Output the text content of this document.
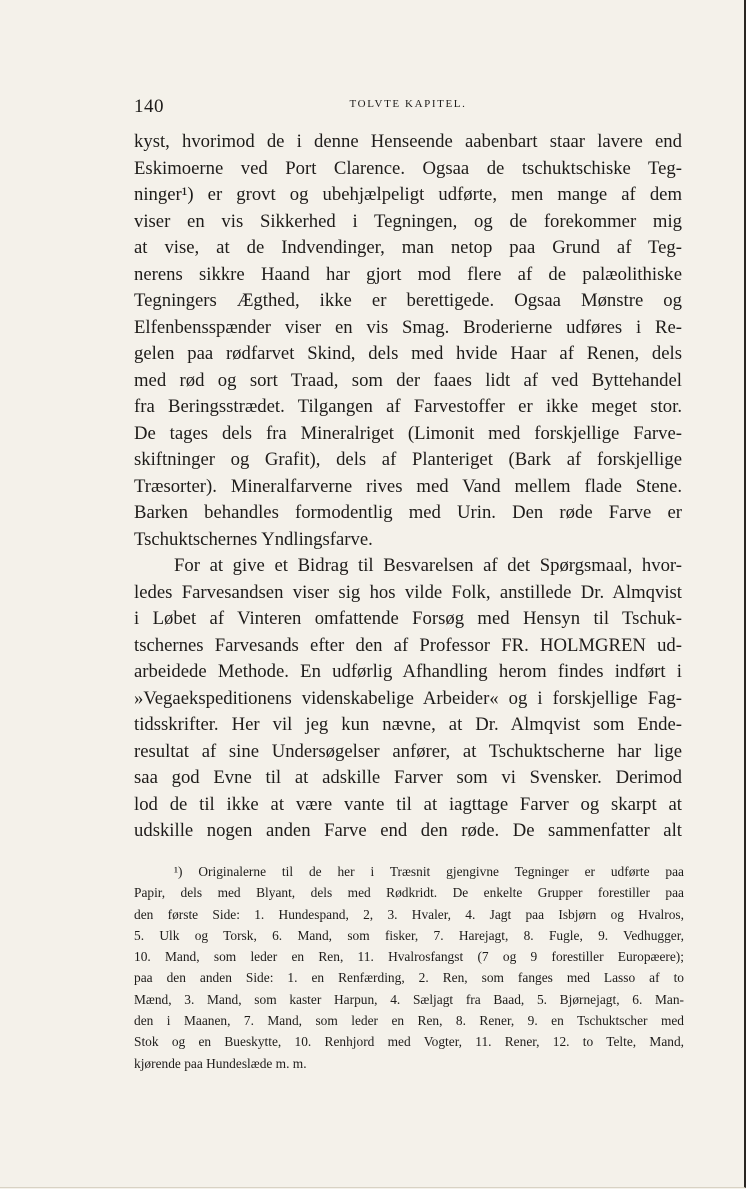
140	TOLVTE KAPITEL.
kyst, hvorimod de i denne Henseende aabenbart staar lavere end
Eskimoerne ved Port Clarence. Ogsaa de tschuktschiske Teg-
ninger¹) er grovt og ubehjælpeligt udførte, men mange af dem
viser en vis Sikkerhed i Tegningen, og de forekommer mig
at vise, at de Indvendinger, man netop paa Grund af Teg-
nerens sikkre Haand har gjort mod flere af de palæolithiske
Tegningers Ægthed, ikke er berettigede. Ogsaa Mønstre og
Elfenbensspænder viser en vis Smag. Broderierne udføres i Re-
gelen paa rødfarvet Skind, dels med hvide Haar af Renen, dels
med rød og sort Traad, som der faaes lidt af ved Byttehandel
fra Beringsstrædet. Tilgangen af Farvestoffer er ikke meget stor.
De tages dels fra Mineralriget (Limonit med forskjellige Farve-
skiftninger og Grafit), dels af Planteriget (Bark af forskjellige
Træsorter). Mineralfarverne rives med Vand mellem flade Stene.
Barken behandles formodentlig med Urin. Den røde Farve er
Tschuktschernes Yndlingsfarve.
For at give et Bidrag til Besvarelsen af det Spørgsmaal, hvor-
ledes Farvesandsen viser sig hos vilde Folk, anstillede Dr. Almqvist
i Løbet af Vinteren omfattende Forsøg med Hensyn til Tschuk-
tschernes Farvesands efter den af Professor FR. HOLMGREN ud-
arbeidede Methode. En udførlig Afhandling herom findes indført i
»Vegaekspeditionens videnskabelige Arbeider« og i forskjellige Fag-
tidsskrifter. Her vil jeg kun nævne, at Dr. Almqvist som Ende-
resultat af sine Undersøgelser anfører, at Tschuktscherne har lige
saa god Evne til at adskille Farver som vi Svensker. Derimod
lod de til ikke at være vante til at iagttage Farver og skarpt at
udskille nogen anden Farve end den røde. De sammenfatter alt
¹) Originalerne til de her i Træsnit gjengivne Tegninger er udførte paa
Papir, dels med Blyant, dels med Rødkridt. De enkelte Grupper forestiller paa
den første Side: 1. Hundespand, 2, 3. Hvaler, 4. Jagt paa Isbjørn og Hvalros,
5. Ulk og Torsk, 6. Mand, som fisker, 7. Harejagt, 8. Fugle, 9. Vedhugger,
10. Mand, som leder en Ren, 11. Hvalrosfangst (7 og 9 forestiller Europæere);
paa den anden Side: 1. en Renfærding, 2. Ren, som fanges med Lasso af to
Mænd, 3. Mand, som kaster Harpun, 4. Sæljagt fra Baad, 5. Bjørnejagt, 6. Man-
den i Maanen, 7. Mand, som leder en Ren, 8. Rener, 9. en Tschuktscher med
Stok og en Bueskytte, 10. Renhjord med Vogter, 11. Rener, 12. to Telte, Mand,
kjørende paa Hundeslæde m. m.
